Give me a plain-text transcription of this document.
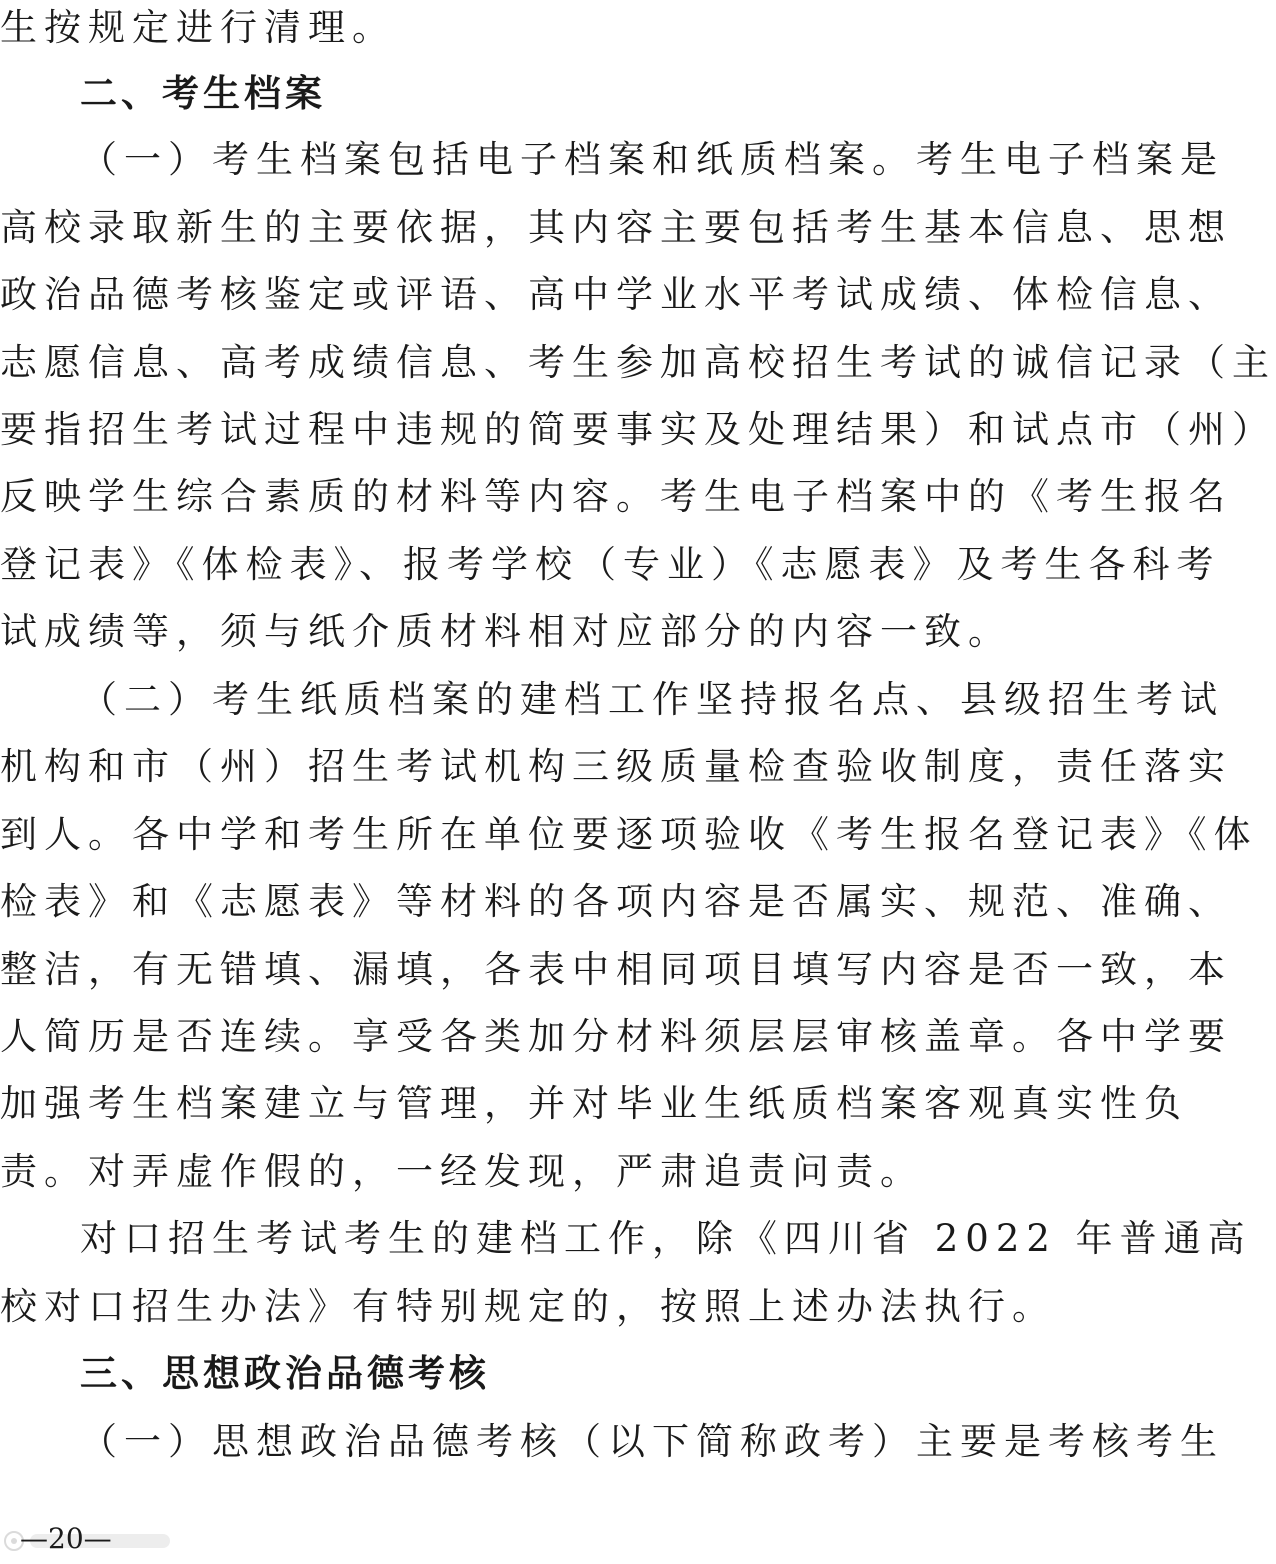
生按规定进行清理。
二、考生档案
（一）考生档案包括电子档案和纸质档案。考生电子档案是
高校录取新生的主要依据，其内容主要包括考生基本信息、思想
政治品德考核鉴定或评语、高中学业水平考试成绩、体检信息、
志愿信息、高考成绩信息、考生参加高校招生考试的诚信记录（主
要指招生考试过程中违规的简要事实及处理结果）和试点市（州）
反映学生综合素质的材料等内容。考生电子档案中的《考生报名
登记表》《体检表》、报考学校（专业）《志愿表》及考生各科考
试成绩等，须与纸介质材料相对应部分的内容一致。
（二）考生纸质档案的建档工作坚持报名点、县级招生考试
机构和市（州）招生考试机构三级质量检查验收制度，责任落实
到人。各中学和考生所在单位要逐项验收《考生报名登记表》《体
检表》和《志愿表》等材料的各项内容是否属实、规范、准确、
整洁，有无错填、漏填，各表中相同项目填写内容是否一致，本
人简历是否连续。享受各类加分材料须层层审核盖章。各中学要
加强考生档案建立与管理，并对毕业生纸质档案客观真实性负
责。对弄虚作假的，一经发现，严肃追责问责。
对口招生考试考生的建档工作，除《四川省 2022 年普通高
校对口招生办法》有特别规定的，按照上述办法执行。
三、思想政治品德考核
（一）思想政治品德考核（以下简称政考）主要是考核考生
—20—
